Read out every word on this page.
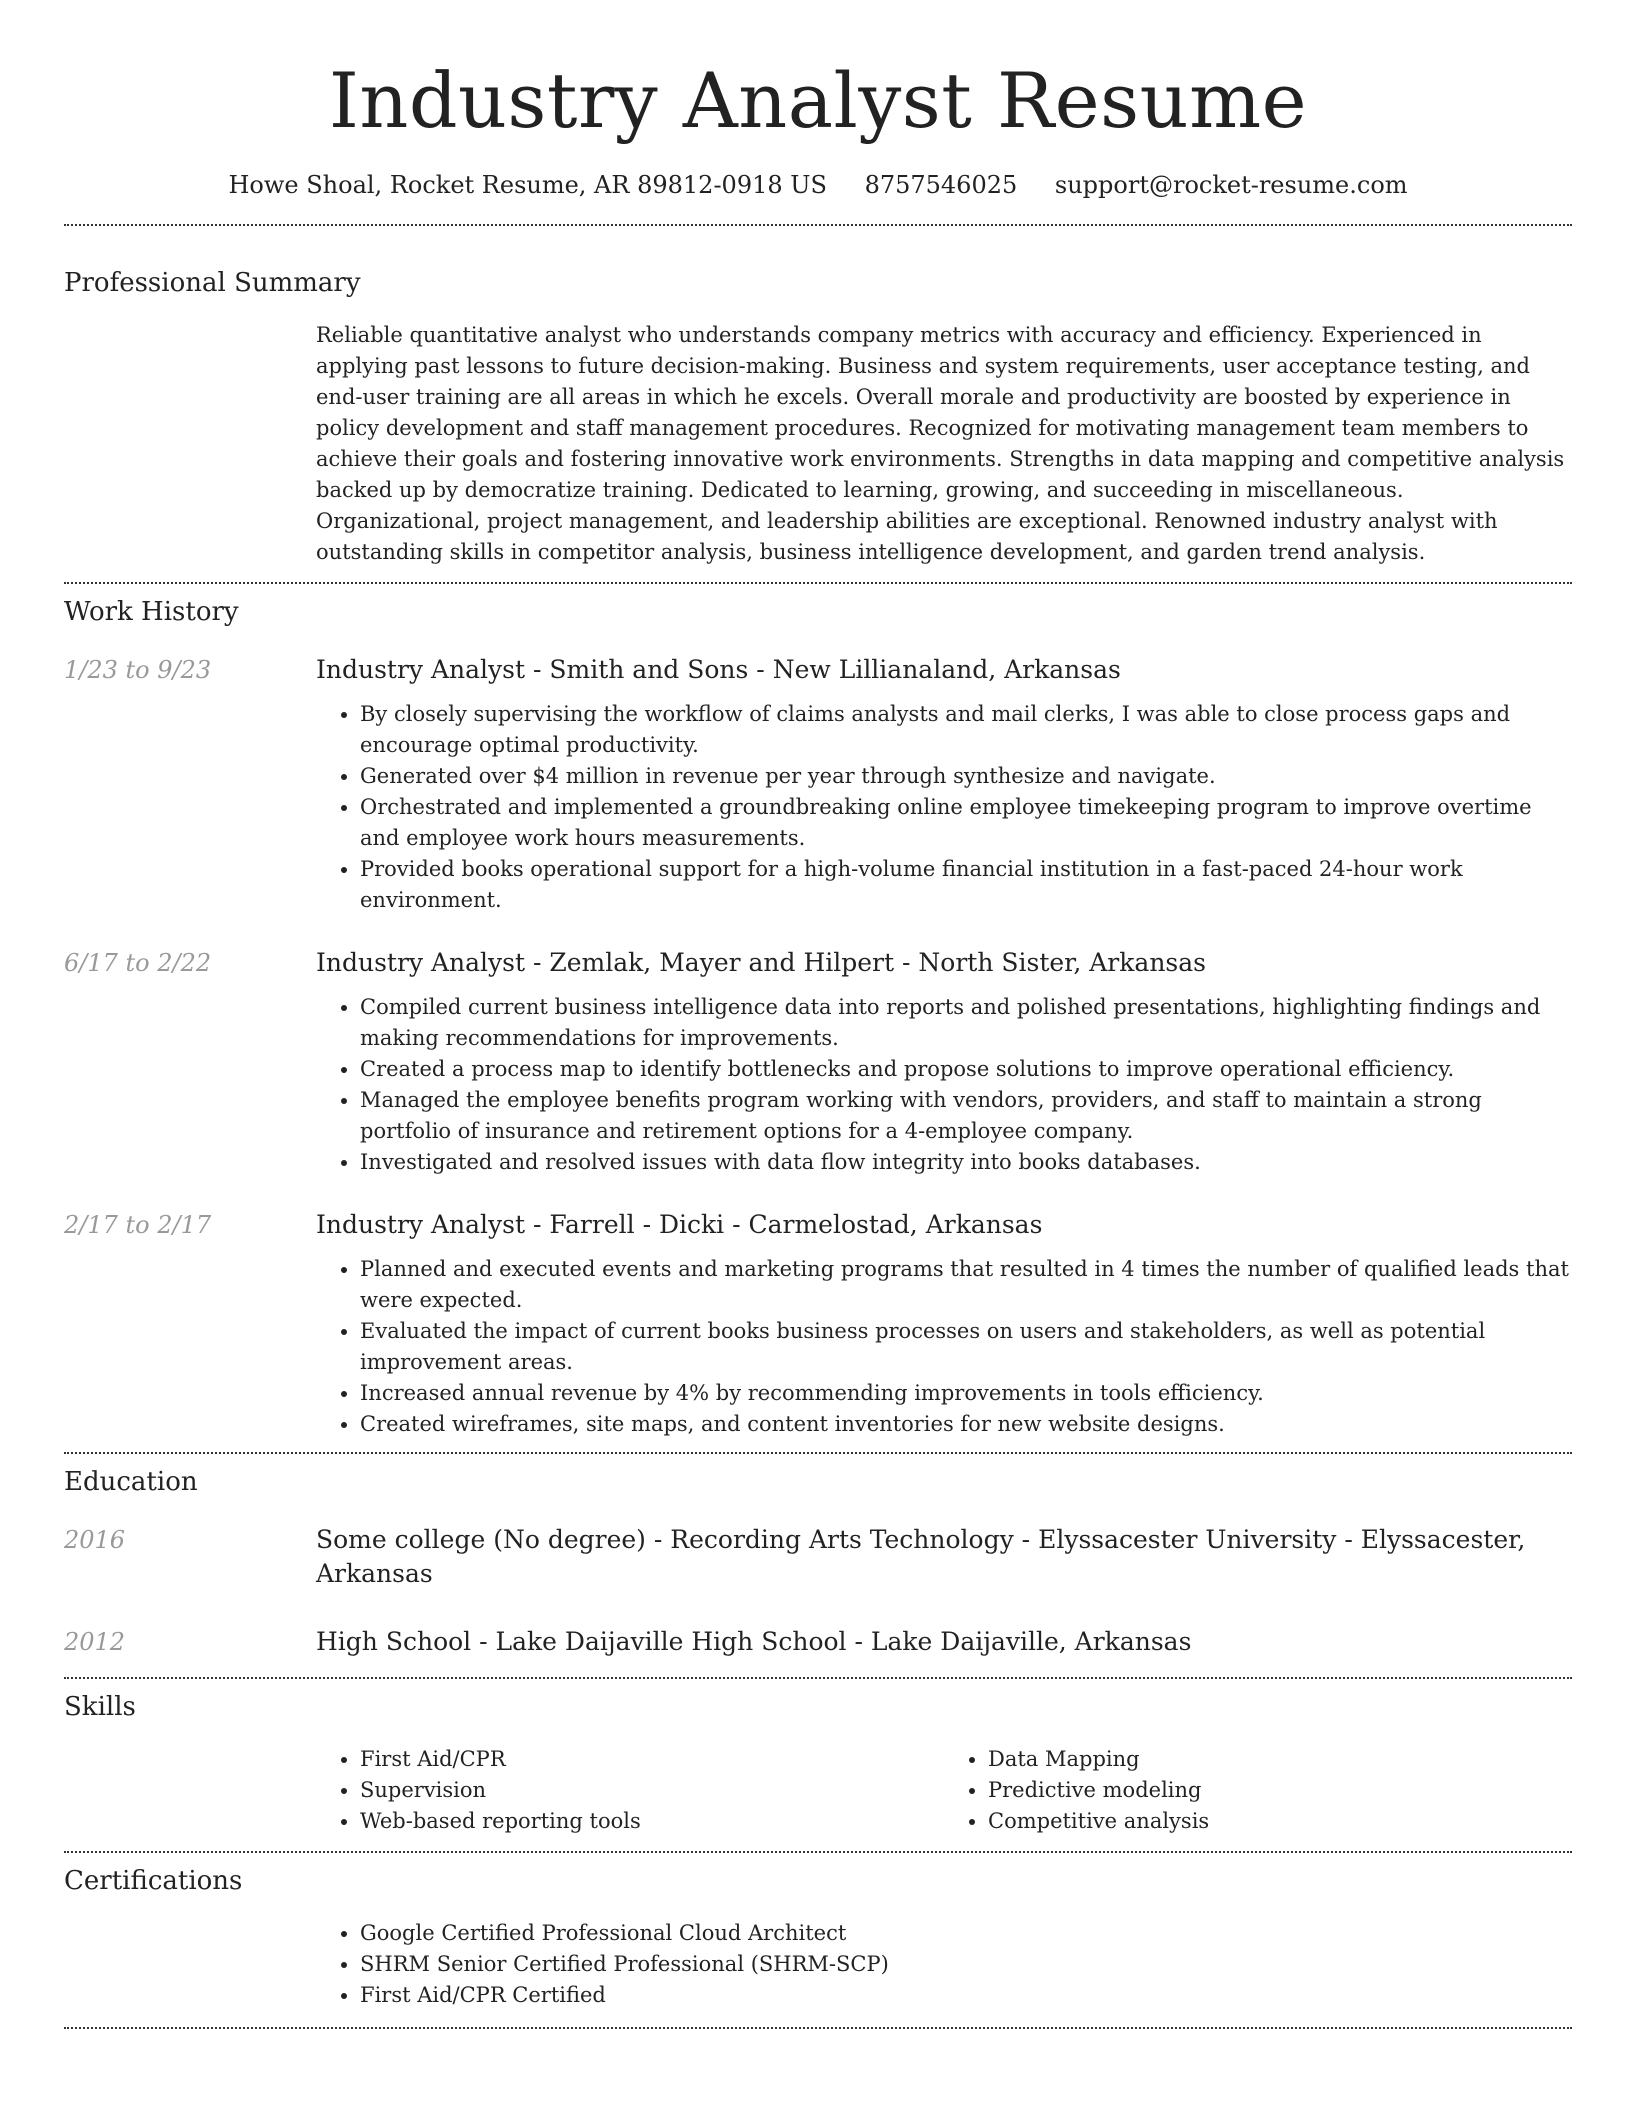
Industry Analyst Resume
Howe Shoal, Rocket Resume, AR 89812-0918 US 8757546025 support@rocket-resume.com
Professional Summary
Reliable quantitative analyst who understands company metrics with accuracy and efficiency. Experienced in applying past lessons to future decision-making. Business and system requirements, user acceptance testing, and end-user training are all areas in which he excels. Overall morale and productivity are boosted by experience in policy development and staff management procedures. Recognized for motivating management team members to achieve their goals and fostering innovative work environments. Strengths in data mapping and competitive analysis backed up by democratize training. Dedicated to learning, growing, and succeeding in miscellaneous. Organizational, project management, and leadership abilities are exceptional. Renowned industry analyst with outstanding skills in competitor analysis, business intelligence development, and garden trend analysis.
Work History
1/23 to 9/23	Industry Analyst - Smith and Sons - New Lillianaland, Arkansas
• By closely supervising the workflow of claims analysts and mail clerks, I was able to close process gaps and encourage optimal productivity.
• Generated over $4 million in revenue per year through synthesize and navigate.
• Orchestrated and implemented a groundbreaking online employee timekeeping program to improve overtime and employee work hours measurements.
• Provided books operational support for a high-volume financial institution in a fast-paced 24-hour work environment.
6/17 to 2/22	Industry Analyst - Zemlak, Mayer and Hilpert - North Sister, Arkansas
• Compiled current business intelligence data into reports and polished presentations, highlighting findings and making recommendations for improvements.
• Created a process map to identify bottlenecks and propose solutions to improve operational efficiency.
• Managed the employee benefits program working with vendors, providers, and staff to maintain a strong portfolio of insurance and retirement options for a 4-employee company.
• Investigated and resolved issues with data flow integrity into books databases.
2/17 to 2/17	Industry Analyst - Farrell - Dicki - Carmelostad, Arkansas
• Planned and executed events and marketing programs that resulted in 4 times the number of qualified leads that were expected.
• Evaluated the impact of current books business processes on users and stakeholders, as well as potential improvement areas.
• Increased annual revenue by 4% by recommending improvements in tools efficiency.
• Created wireframes, site maps, and content inventories for new website designs.
Education
2016	Some college (No degree) - Recording Arts Technology - Elyssacester University - Elyssacester, Arkansas
2012	High School - Lake Daijaville High School - Lake Daijaville, Arkansas
Skills
• First Aid/CPR
• Supervision
• Web-based reporting tools
• Data Mapping
• Predictive modeling
• Competitive analysis
Certifications
• Google Certified Professional Cloud Architect
• SHRM Senior Certified Professional (SHRM-SCP)
• First Aid/CPR Certified
